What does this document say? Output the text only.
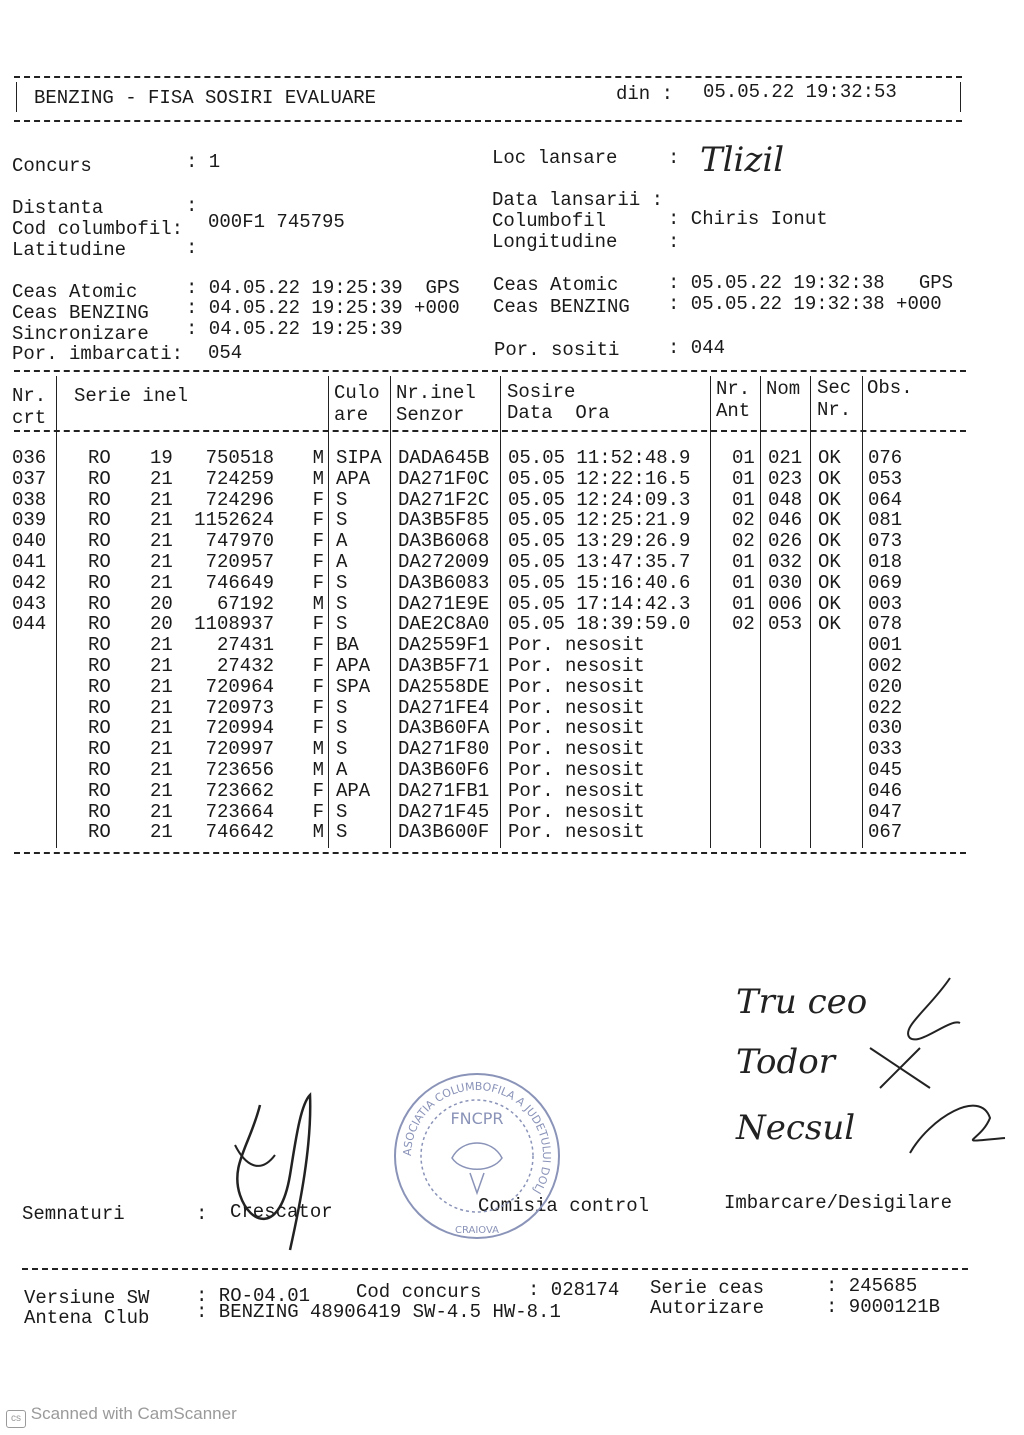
BENZING - FISA SOSIRI EVALUARE	din : 05.05.22 19:32:53
Concurs	: 1
Distanta	:
Cod columbofil: 000F1 745795
Latitudine	:
Loc lansare	: Tlizil
Data lansarii :
Columbofil	: Chiris Ionut
Longitudine	:
Ceas Atomic	: 04.05.22 19:25:39  GPS
Ceas BENZING : 04.05.22 19:25:39 +000
Sincronizare : 04.05.22 19:25:39
Por. imbarcati: 054
Ceas Atomic	: 05.05.22 19:32:38   GPS
Ceas BENZING : 05.05.22 19:32:38 +000
Por. sositi	: 044
Nr.
crt
Serie inel	Culo
are
Nr.inel
Senzor
Sosire
Data  Ora
Nr.
Ant
Nom Sec
Nr.
Obs.
036	RO	19	750518	M SIPA DADA645B 05.05 11:52:48.9	01 021 OK	076
037	RO	21	724259	M APA	DA271F0C 05.05 12:22:16.5	01 023 OK	053
038	RO	21	724296	F S	DA271F2C 05.05 12:24:09.3	01 048 OK	064
039	RO	21	1152624	F S	DA3B5F85 05.05 12:25:21.9	02 046 OK	081
040	RO	21	747970	F A	DA3B6068 05.05 13:29:26.9	02 026 OK	073
041	RO	21	720957	F A	DA272009 05.05 13:47:35.7	01 032 OK	018
042	RO	21	746649	F S	DA3B6083 05.05 15:16:40.6	01 030 OK	069
043	RO	20	67192	M S	DA271E9E 05.05 17:14:42.3	01 006 OK	003
044	RO	20	1108937	F S	DAE2C8A0 05.05 18:39:59.0	02 053 OK	078
RO	21	27431	F BA	DA2559F1 Por. nesosit	001
RO	21	27432	F APA	DA3B5F71 Por. nesosit	002
RO	21	720964	F SPA	DA2558DE Por. nesosit	020
RO	21	720973	F S	DA271FE4 Por. nesosit	022
RO	21	720994	F S	DA3B60FA Por. nesosit	030
RO	21	720997	M S	DA271F80 Por. nesosit	033
RO	21	723656	M A	DA3B60F6 Por. nesosit	045
RO	21	723662	F APA	DA271FB1 Por. nesosit	046
RO	21	723664	F S	DA271F45 Por. nesosit	047
RO	21	746642	M S	DA3B600F Por. nesosit	067
Semnaturi	: Crescator	Comisia control	Imbarcare/Desigilare
Tru ceo
Todor
Necsul
ASOCIATIA COLUMBOFILA A JUDETULUI DOLJ
FNCPR
CRAIOVA
Versiune SW : RO-04.01 Cod concurs : 028174 Serie ceas	: 245685
Antena Club : BENZING 48906419 SW-4.5 HW-8.1	Autorizare	: 9000121B
cs Scanned with CamScanner
